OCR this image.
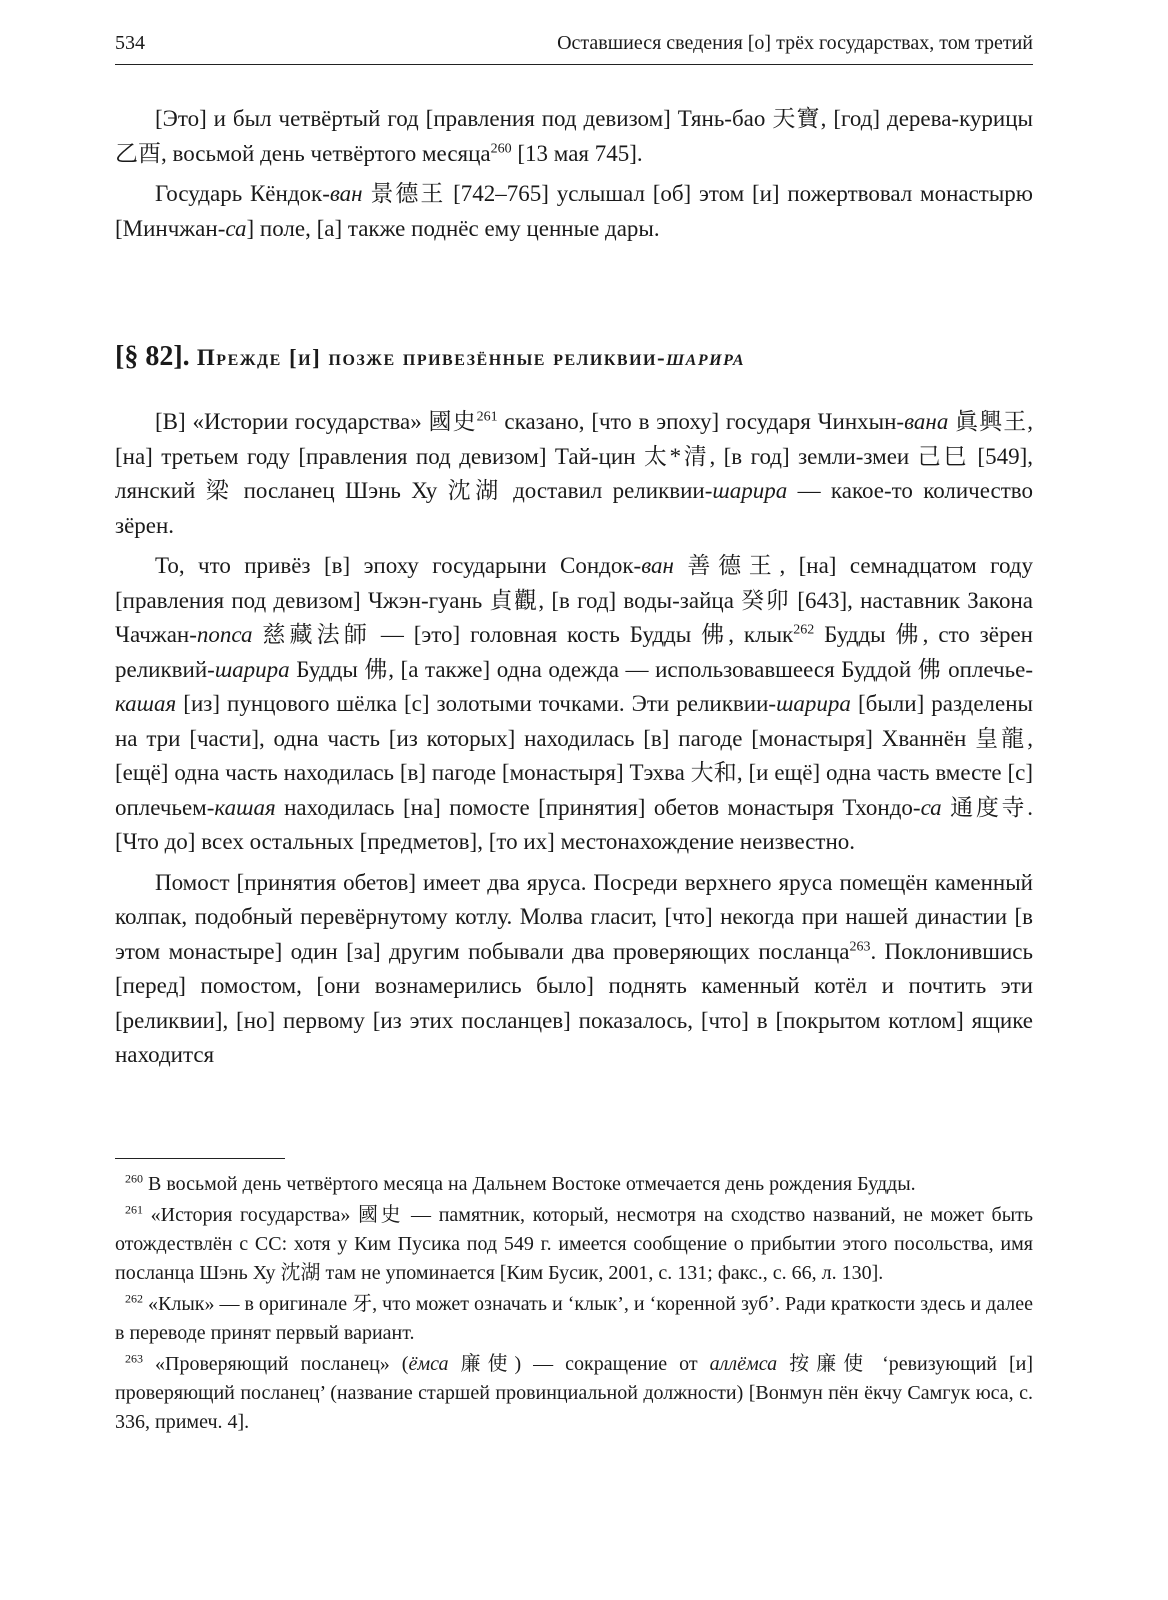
534	Оставшиеся сведения [о] трёх государствах, том третий

[Это] и был четвёртый год [правления под девизом] Тянь-бао 天寶, [год] дерева-курицы 乙酉, восьмой день четвёртого месяца$^{260}$ [13 мая 745].

Государь Кёндок-ван 景德王 [742–765] услышал [об] этом [и] пожертвовал монастырю [Минчжан-са] поле, [а] также поднёс ему ценные дары.

[§ 82]. Прежде [и] позже привезённые реликвии-шарира

[В] «Истории государства» 國史$^{261}$ сказано, [что в эпоху] государя Чинхын-вана 眞興王, [на] третьем году [правления под девизом] Тай-цин 太*清, [в год] земли-змеи 己巳 [549], лянский 梁 посланец Шэнь Ху 沈湖 доставил реликвии-шарира — какое-то количество зёрен.

То, что привёз [в] эпоху государыни Сондок-ван 善德王, [на] семнадцатом году [правления под девизом] Чжэн-гуань 貞觀, [в год] воды-зайца 癸卯 [643], наставник Закона Чачжан-попса 慈藏法師 — [это] головная кость Будды 佛, клык$^{262}$ Будды 佛, сто зёрен реликвий-шарира Будды 佛, [а также] одна одежда — использовавшееся Буддой 佛 оплечье-кашая [из] пунцового шёлка [с] золотыми точками. Эти реликвии-шарира [были] разделены на три [части], одна часть [из которых] находилась [в] пагоде [монастыря] Хваннён 皇龍, [ещё] одна часть находилась [в] пагоде [монастыря] Тэхва 大和, [и ещё] одна часть вместе [с] оплечьем-кашая находилась [на] помосте [принятия] обетов монастыря Тхондо-са 通度寺. [Что до] всех остальных [предметов], [то их] местонахождение неизвестно.

Помост [принятия обетов] имеет два яруса. Посреди верхнего яруса помещён каменный колпак, подобный перевёрнутому котлу. Молва гласит, [что] некогда при нашей династии [в этом монастыре] один [за] другим побывали два проверяющих посланца$^{263}$. Поклонившись [перед] помостом, [они вознамерились было] поднять каменный котёл и почтить эти [реликвии], [но] первому [из этих посланцев] показалось, [что] в [покрытом котлом] ящике находится

$^{260}$ В восьмой день четвёртого месяца на Дальнем Востоке отмечается день рождения Будды.

$^{261}$ «История государства» 國史 — памятник, который, несмотря на сходство названий, не может быть отождествлён с СС: хотя у Ким Пусика под 549 г. имеется сообщение о прибытии этого посольства, имя посланца Шэнь Ху 沈湖 там не упоминается [Ким Бусик, 2001, с. 131; факс., с. 66, л. 130].

$^{262}$ «Клык» — в оригинале 牙, что может означать и ‘клык’, и ‘коренной зуб’. Ради краткости здесь и далее в переводе принят первый вариант.

$^{263}$ «Проверяющий посланец» (ёмса 廉使) — сокращение от аллёмса 按廉使 ‘ревизующий [и] проверяющий посланец’ (название старшей провинциальной должности) [Вонмун пён ёкчу Самгук юса, с. 336, примеч. 4].
